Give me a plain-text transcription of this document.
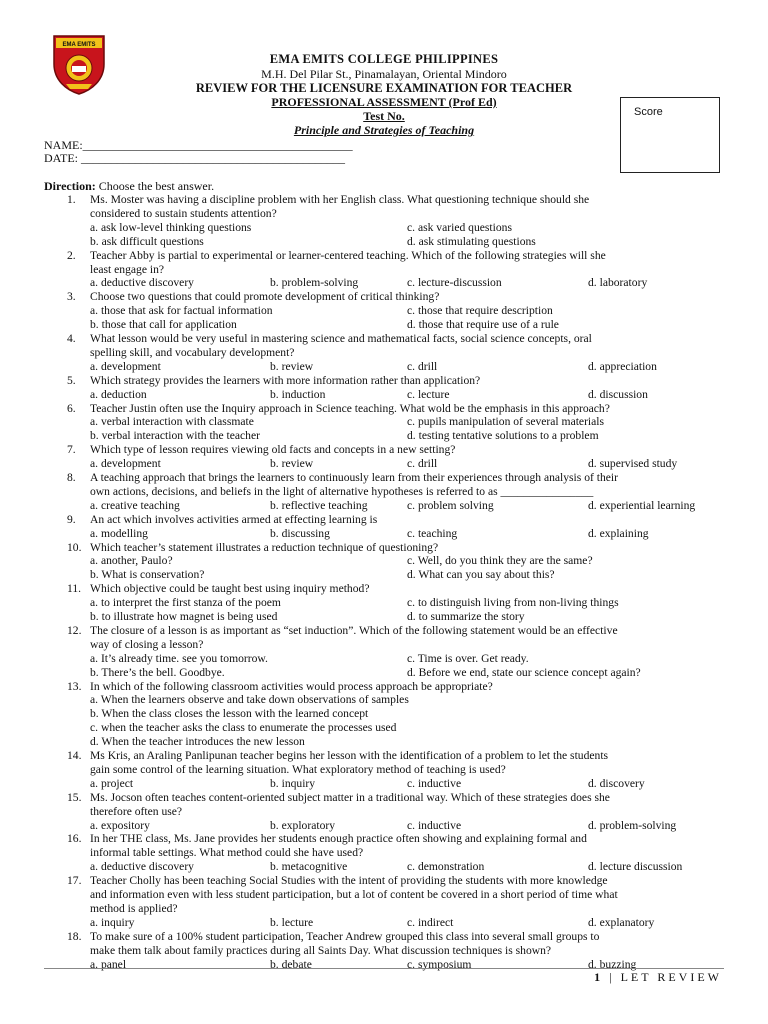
EMA EMITS
EMA EMITS COLLEGE PHILIPPINES
M.H. Del Pilar St., Pinamalayan, Oriental Mindoro
REVIEW FOR THE LICENSURE EXAMINATION FOR TEACHER
PROFESSIONAL ASSESSMENT (Prof Ed)
Test No.
Principle and Strategies of Teaching
Score
NAME:_____________________________________________
DATE: ____________________________________________
Direction: Choose the best answer.
1. Ms. Moster was having a discipline problem with her English class. What questioning technique should she
considered to sustain students attention?
a. ask low-level thinking questions	c. ask varied questions
b. ask difficult questions	d. ask stimulating questions
2. Teacher Abby is partial to experimental or learner-centered teaching. Which of the following strategies will she
least engage in?
a. deductive discovery	b. problem-solving	c. lecture-discussion	d. laboratory
3. Choose two questions that could promote development of critical thinking?
a. those that ask for factual information	c. those that require description
b. those that call for application	d. those that require use of a rule
4. What lesson would be very useful in mastering science and mathematical facts, social science concepts, oral
spelling skill, and vocabulary development?
a. development	b. review	c. drill	d. appreciation
5. Which strategy provides the learners with more information rather than application?
a. deduction	b. induction	c. lecture	d. discussion
6. Teacher Justin often use the Inquiry approach in Science teaching. What wold be the emphasis in this approach?
a. verbal interaction with classmate	c. pupils manipulation of several materials
b. verbal interaction with the teacher	d. testing tentative solutions to a problem
7. Which type of lesson requires viewing old facts and concepts in a new setting?
a. development	b. review	c. drill	d. supervised study
8. A teaching approach that brings the learners to continuously learn from their experiences through analysis of their
own actions, decisions, and beliefs in the light of alternative hypotheses is referred to as ________________
a. creative teaching	b. reflective teaching	c. problem solving	d. experiential learning
9. An act which involves activities armed at effecting learning is
a. modelling	b. discussing	c. teaching	d. explaining
10. Which teacher’s statement illustrates a reduction technique of questioning?
a. another, Paulo?	c. Well, do you think they are the same?
b. What is conservation?	d. What can you say about this?
11. Which objective could be taught best using inquiry method?
a. to interpret the first stanza of the poem	c. to distinguish living from non-living things
b. to illustrate how magnet is being used	d. to summarize the story
12. The closure of a lesson is as important as “set induction”. Which of the following statement would be an effective
way of closing a lesson?
a. It’s already time. see you tomorrow.	c. Time is over. Get ready.
b. There’s the bell. Goodbye.	d. Before we end, state our science concept again?
13. In which of the following classroom activities would process approach be appropriate?
a. When the learners observe and take down observations of samples
b. When the class closes the lesson with the learned concept
c. when the teacher asks the class to enumerate the processes used
d. When the teacher introduces the new lesson
14. Ms Kris, an Araling Panlipunan teacher begins her lesson with the identification of a problem to let the students
gain some control of the learning situation. What exploratory method of teaching is used?
a. project	b. inquiry	c. inductive	d. discovery
15. Ms. Jocson often teaches content-oriented subject matter in a traditional way. Which of these strategies does she
therefore often use?
a. expository	b. exploratory	c. inductive	d. problem-solving
16. In her THE class, Ms. Jane provides her students enough practice often showing and explaining formal and
informal table settings. What method could she have used?
a. deductive discovery	b. metacognitive	c. demonstration	d. lecture discussion
17. Teacher Cholly has been teaching Social Studies with the intent of providing the students with more knowledge
and information even with less student participation, but a lot of content be covered in a short period of time what
method is applied?
a. inquiry	b. lecture	c. indirect	d. explanatory
18. To make sure of a 100% student participation, Teacher Andrew grouped this class into several small groups to
make them talk about family practices during all Saints Day. What discussion techniques is shown?
a. panel	b. debate	c. symposium	d. buzzing
1 | LET REVIEW
